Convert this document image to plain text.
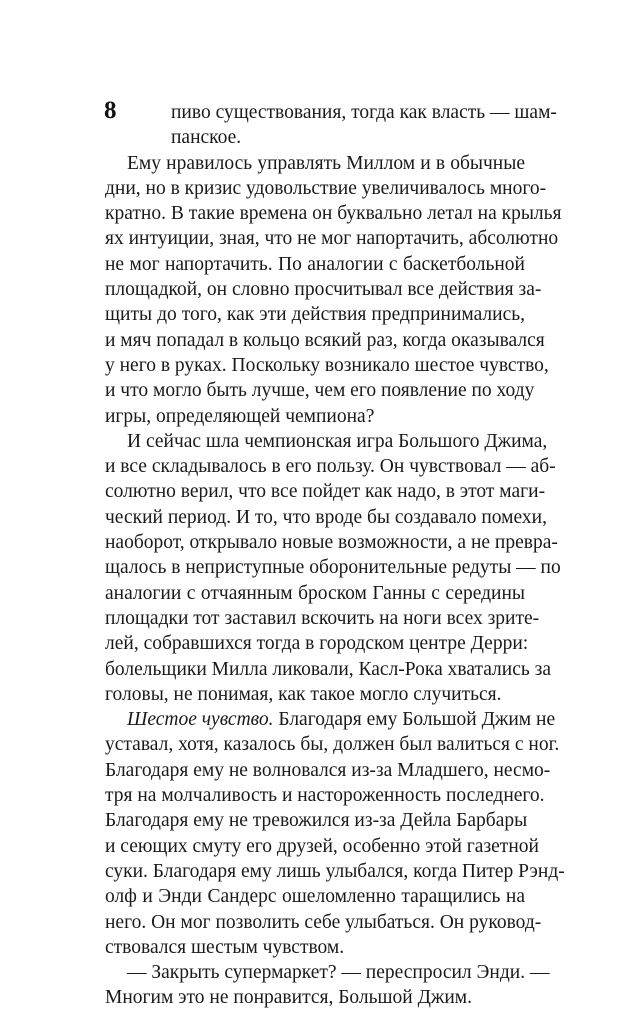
8	пиво существования, тогда как власть — шам-
панское.
Ему нравилось управлять Миллом и в обычные
дни, но в кризис удовольствие увеличивалось много-
кратно. В такие времена он буквально летал на крылья
ях интуиции, зная, что не мог напортачить, абсолютно
не мог напортачить. По аналогии с баскетбольной
площадкой, он словно просчитывал все действия за-
щиты до того, как эти действия предпринимались,
и мяч попадал в кольцо всякий раз, когда оказывался
у него в руках. Поскольку возникало шестое чувство,
и что могло быть лучше, чем его появление по ходу
игры, определяющей чемпиона?
И сейчас шла чемпионская игра Большого Джима,
и все складывалось в его пользу. Он чувствовал — аб-
солютно верил, что все пойдет как надо, в этот маги-
ческий период. И то, что вроде бы создавало помехи,
наоборот, открывало новые возможности, а не превра-
щалось в неприступные оборонительные редуты — по
аналогии с отчаянным броском Ганны с середины
площадки тот заставил вскочить на ноги всех зрите-
лей, собравшихся тогда в городском центре Дерри:
болельщики Милла ликовали, Касл-Рока хватались за
головы, не понимая, как такое могло случиться.
Шестое чувство. Благодаря ему Большой Джим не
уставал, хотя, казалось бы, должен был валиться с ног.
Благодаря ему не волновался из-за Младшего, несмо-
тря на молчаливость и настороженность последнего.
Благодаря ему не тревожился из-за Дейла Барбары
и сеющих смуту его друзей, особенно этой газетной
суки. Благодаря ему лишь улыбался, когда Питер Рэнд-
олф и Энди Сандерс ошеломленно таращились на
него. Он мог позволить себе улыбаться. Он руковод-
ствовался шестым чувством.
— Закрыть супермаркет? — переспросил Энди. —
Многим это не понравится, Большой Джим.
